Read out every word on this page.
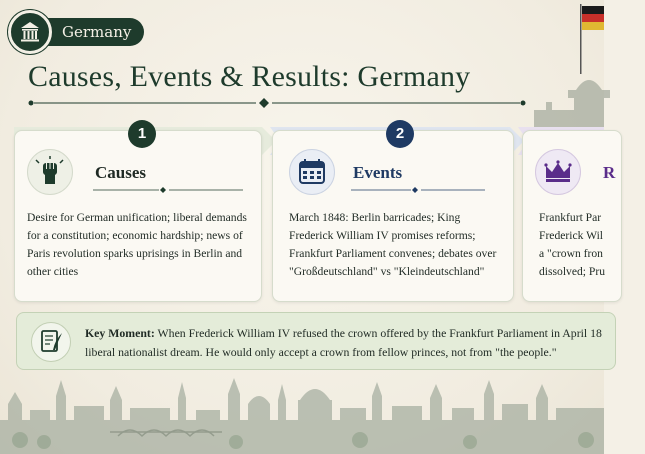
Germany
Causes, Events & Results: Germany
Causes
Desire for German unification; liberal demands for a constitution; economic hardship; news of Paris revolution sparks uprisings in Berlin and other cities
1
Events
March 1848: Berlin barricades; King Frederick William IV promises reforms; Frankfurt Parliament convenes; debates over "Großdeutschland" vs "Kleindeutschland"
2
R
Frankfurt Par
Frederick Wil
a "crown fron
dissolved; Pru
Key Moment: When Frederick William IV refused the crown offered by the Frankfurt Parliament in April 18
liberal nationalist dream. He would only accept a crown from fellow princes, not from "the people."
